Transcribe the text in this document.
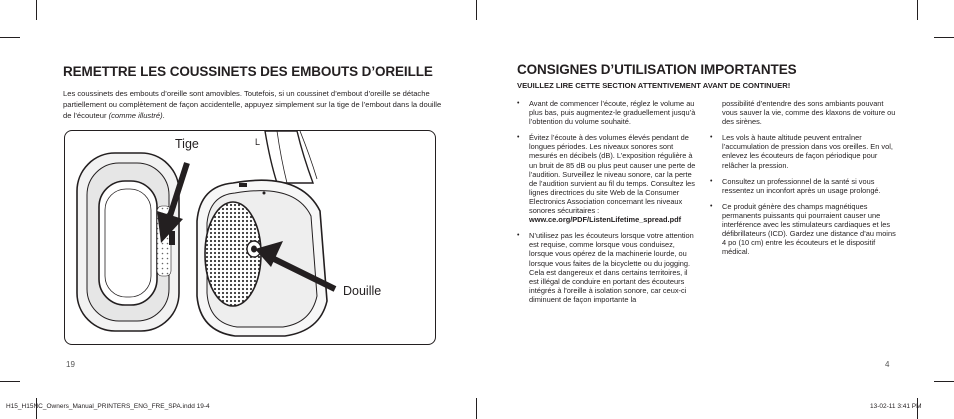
REMETTRE LES COUSSINETS DES EMBOUTS D’OREILLE

Les coussinets des embouts d’oreille sont amovibles. Toutefois, si un coussinet d’embout d’oreille se détache partiellement ou complètement de façon accidentelle, appuyez simplement sur la tige de l’embout dans la douille de l’écouteur (comme illustré).

L
Tige
Douille
19
CONSIGNES D’UTILISATION IMPORTANTES
VEUILLEZ LIRE CETTE SECTION ATTENTIVEMENT AVANT DE CONTINUER!
• Avant de commencer l’écoute, réglez le volume au plus bas, puis augmentez-le graduellement jusqu’à l’obtention du volume souhaité.
• Évitez l’écoute à des volumes élevés pendant de longues périodes. Les niveaux sonores sont mesurés en décibels (dB). L’exposition régulière à un bruit de 85 dB ou plus peut causer une perte de l’audition. Surveillez le niveau sonore, car la perte de l’audition survient au fil du temps. Consultez les lignes directrices du site Web de la Consumer Electronics Association concernant les niveaux sonores sécuritaires :
www.ce.org/PDF/ListenLifetime_spread.pdf
• N’utilisez pas les écouteurs lorsque votre attention est requise, comme lorsque vous conduisez, lorsque vous opérez de la machinerie lourde, ou lorsque vous faites de la bicyclette ou du jogging. Cela est dangereux et dans certains territoires, il est illégal de conduire en portant des écouteurs intégrés à l’oreille à isolation sonore, car ceux-ci diminuent de façon importante la
possibilité d’entendre des sons ambiants pouvant vous sauver la vie, comme des klaxons de voiture ou des sirènes.
• Les vols à haute altitude peuvent entraîner l’accumulation de pression dans vos oreilles. En vol, enlevez les écouteurs de façon périodique pour relâcher la pression.
• Consultez un professionnel de la santé si vous ressentez un inconfort après un usage prolongé.
• Ce produit génère des champs magnétiques permanents puissants qui pourraient causer une interférence avec les stimulateurs cardiaques et les défibrillateurs (ICD). Gardez une distance d’au moins 4 po (10 cm) entre les écouteurs et le dispositif médical.
4
H15_H15NC_Owners_Manual_PRINTERS_ENG_FRE_SPA.indd 19-4	13-02-11 3:41 PM
